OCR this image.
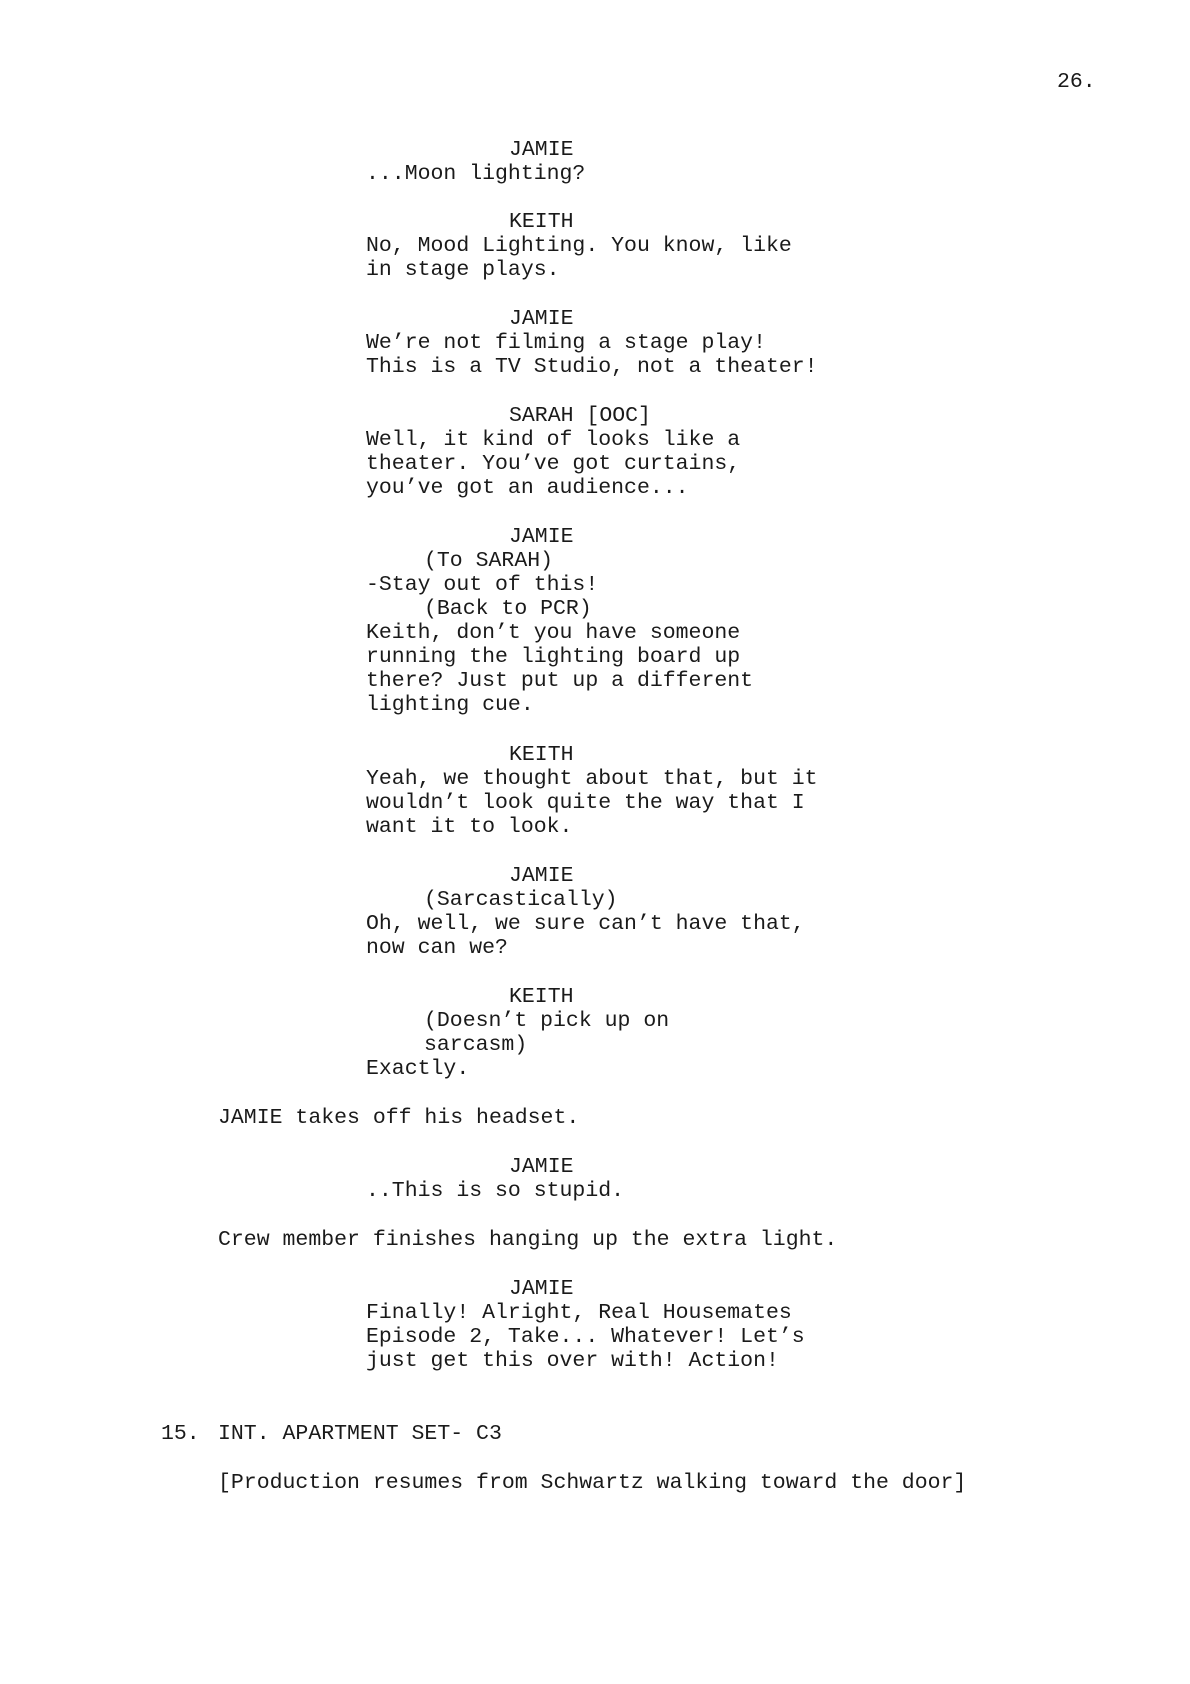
26.
JAMIE
...Moon lighting?
KEITH
No, Mood Lighting. You know, like
in stage plays.
JAMIE
We’re not filming a stage play!
This is a TV Studio, not a theater!
SARAH [OOC]
Well, it kind of looks like a
theater. You’ve got curtains,
you’ve got an audience...
JAMIE
(To SARAH)
-Stay out of this!
(Back to PCR)
Keith, don’t you have someone
running the lighting board up
there? Just put up a different
lighting cue.
KEITH
Yeah, we thought about that, but it
wouldn’t look quite the way that I
want it to look.
JAMIE
(Sarcastically)
Oh, well, we sure can’t have that,
now can we?
KEITH
(Doesn’t pick up on
sarcasm)
Exactly.
JAMIE takes off his headset.
JAMIE
..This is so stupid.
Crew member finishes hanging up the extra light.
JAMIE
Finally! Alright, Real Housemates
Episode 2, Take... Whatever! Let’s
just get this over with! Action!
15. INT. APARTMENT SET- C3
[Production resumes from Schwartz walking toward the door]
